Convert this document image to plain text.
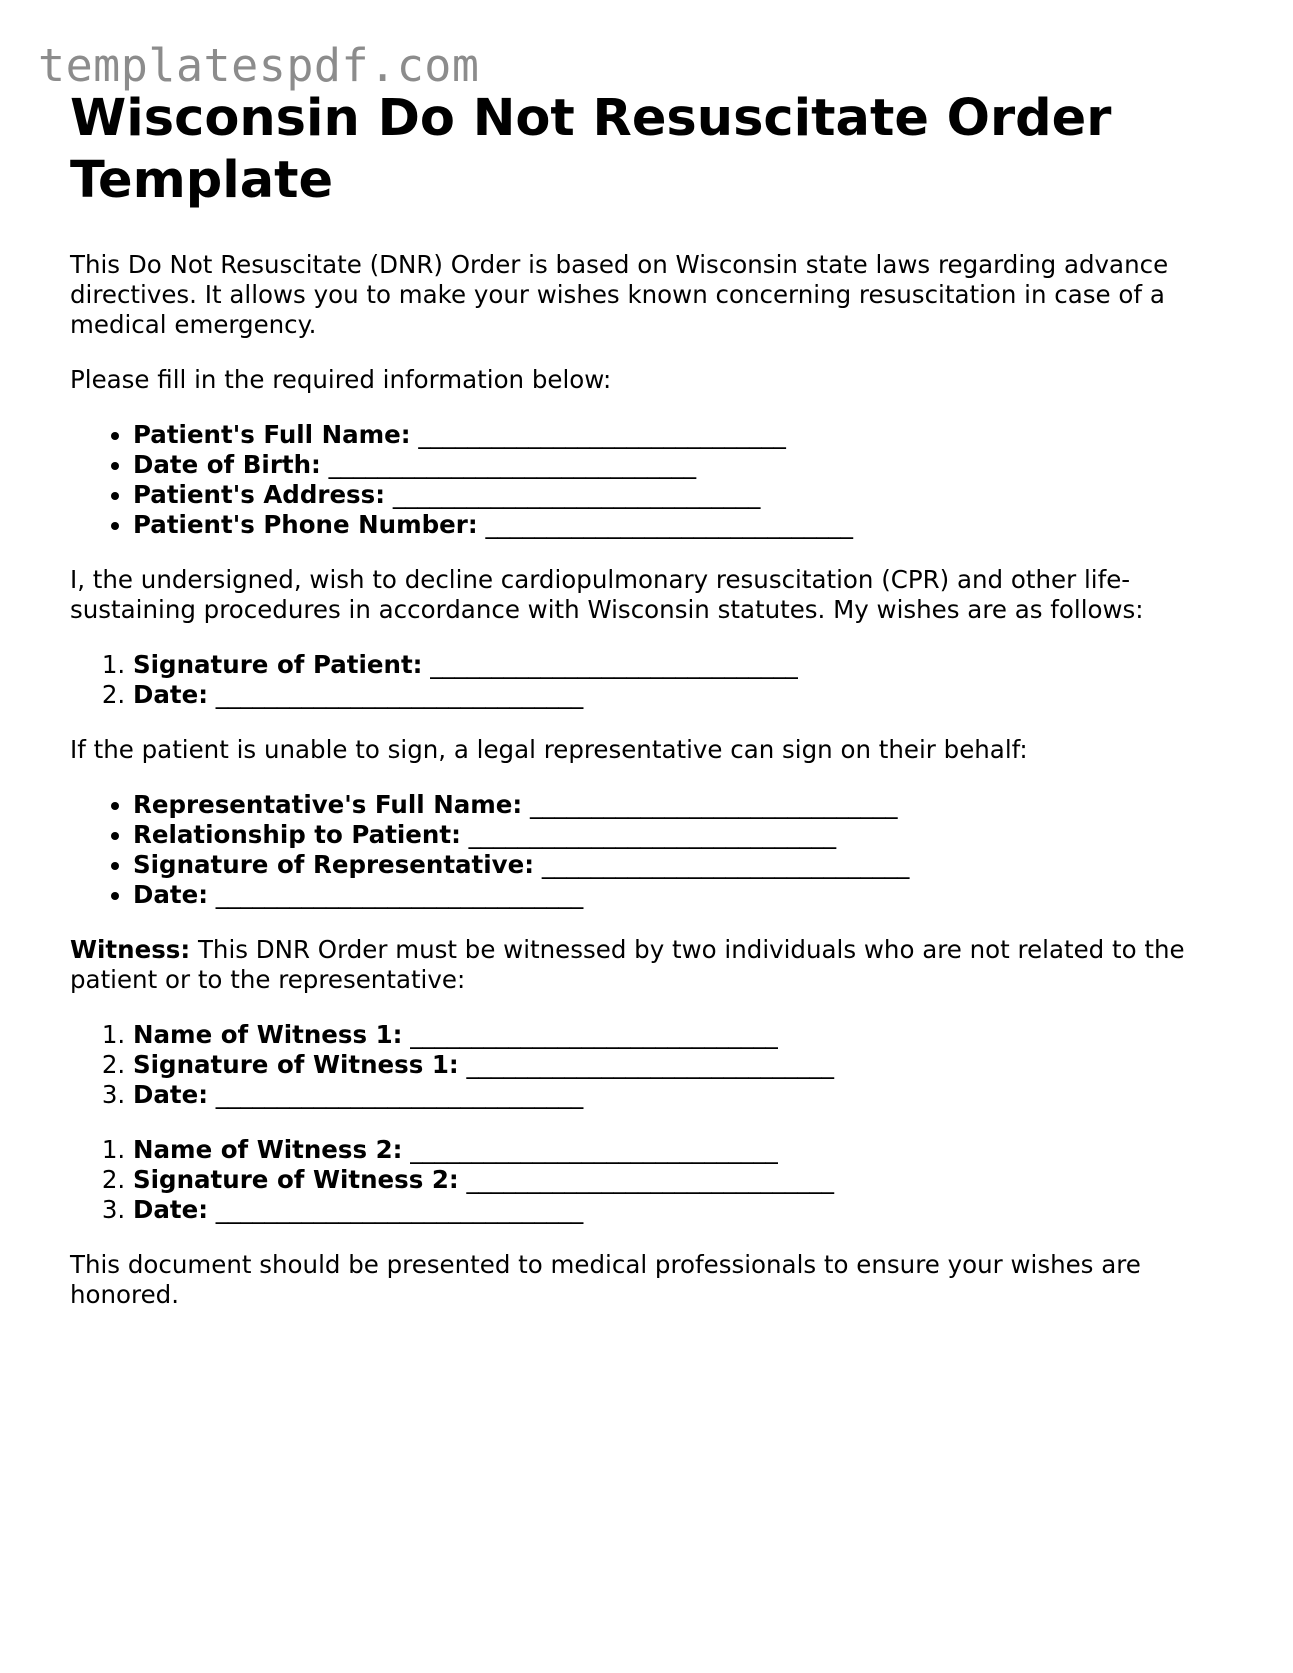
templatespdf.com
Wisconsin Do Not Resuscitate Order Template

This Do Not Resuscitate (DNR) Order is based on Wisconsin state laws regarding advance directives. It allows you to make your wishes known concerning resuscitation in case of a medical emergency.

Please fill in the required information below:

• Patient's Full Name: ______________________________
• Date of Birth: ______________________________
• Patient's Address: ______________________________
• Patient's Phone Number: ______________________________

I, the undersigned, wish to decline cardiopulmonary resuscitation (CPR) and other life-sustaining procedures in accordance with Wisconsin statutes. My wishes are as follows:

1. Signature of Patient: ______________________________
2. Date: ______________________________

If the patient is unable to sign, a legal representative can sign on their behalf:

• Representative's Full Name: ______________________________
• Relationship to Patient: ______________________________
• Signature of Representative: ______________________________
• Date: ______________________________

Witness: This DNR Order must be witnessed by two individuals who are not related to the patient or to the representative:

1. Name of Witness 1: ______________________________
2. Signature of Witness 1: ______________________________
3. Date: ______________________________
1. Name of Witness 2: ______________________________
2. Signature of Witness 2: ______________________________
3. Date: ______________________________

This document should be presented to medical professionals to ensure your wishes are honored.
